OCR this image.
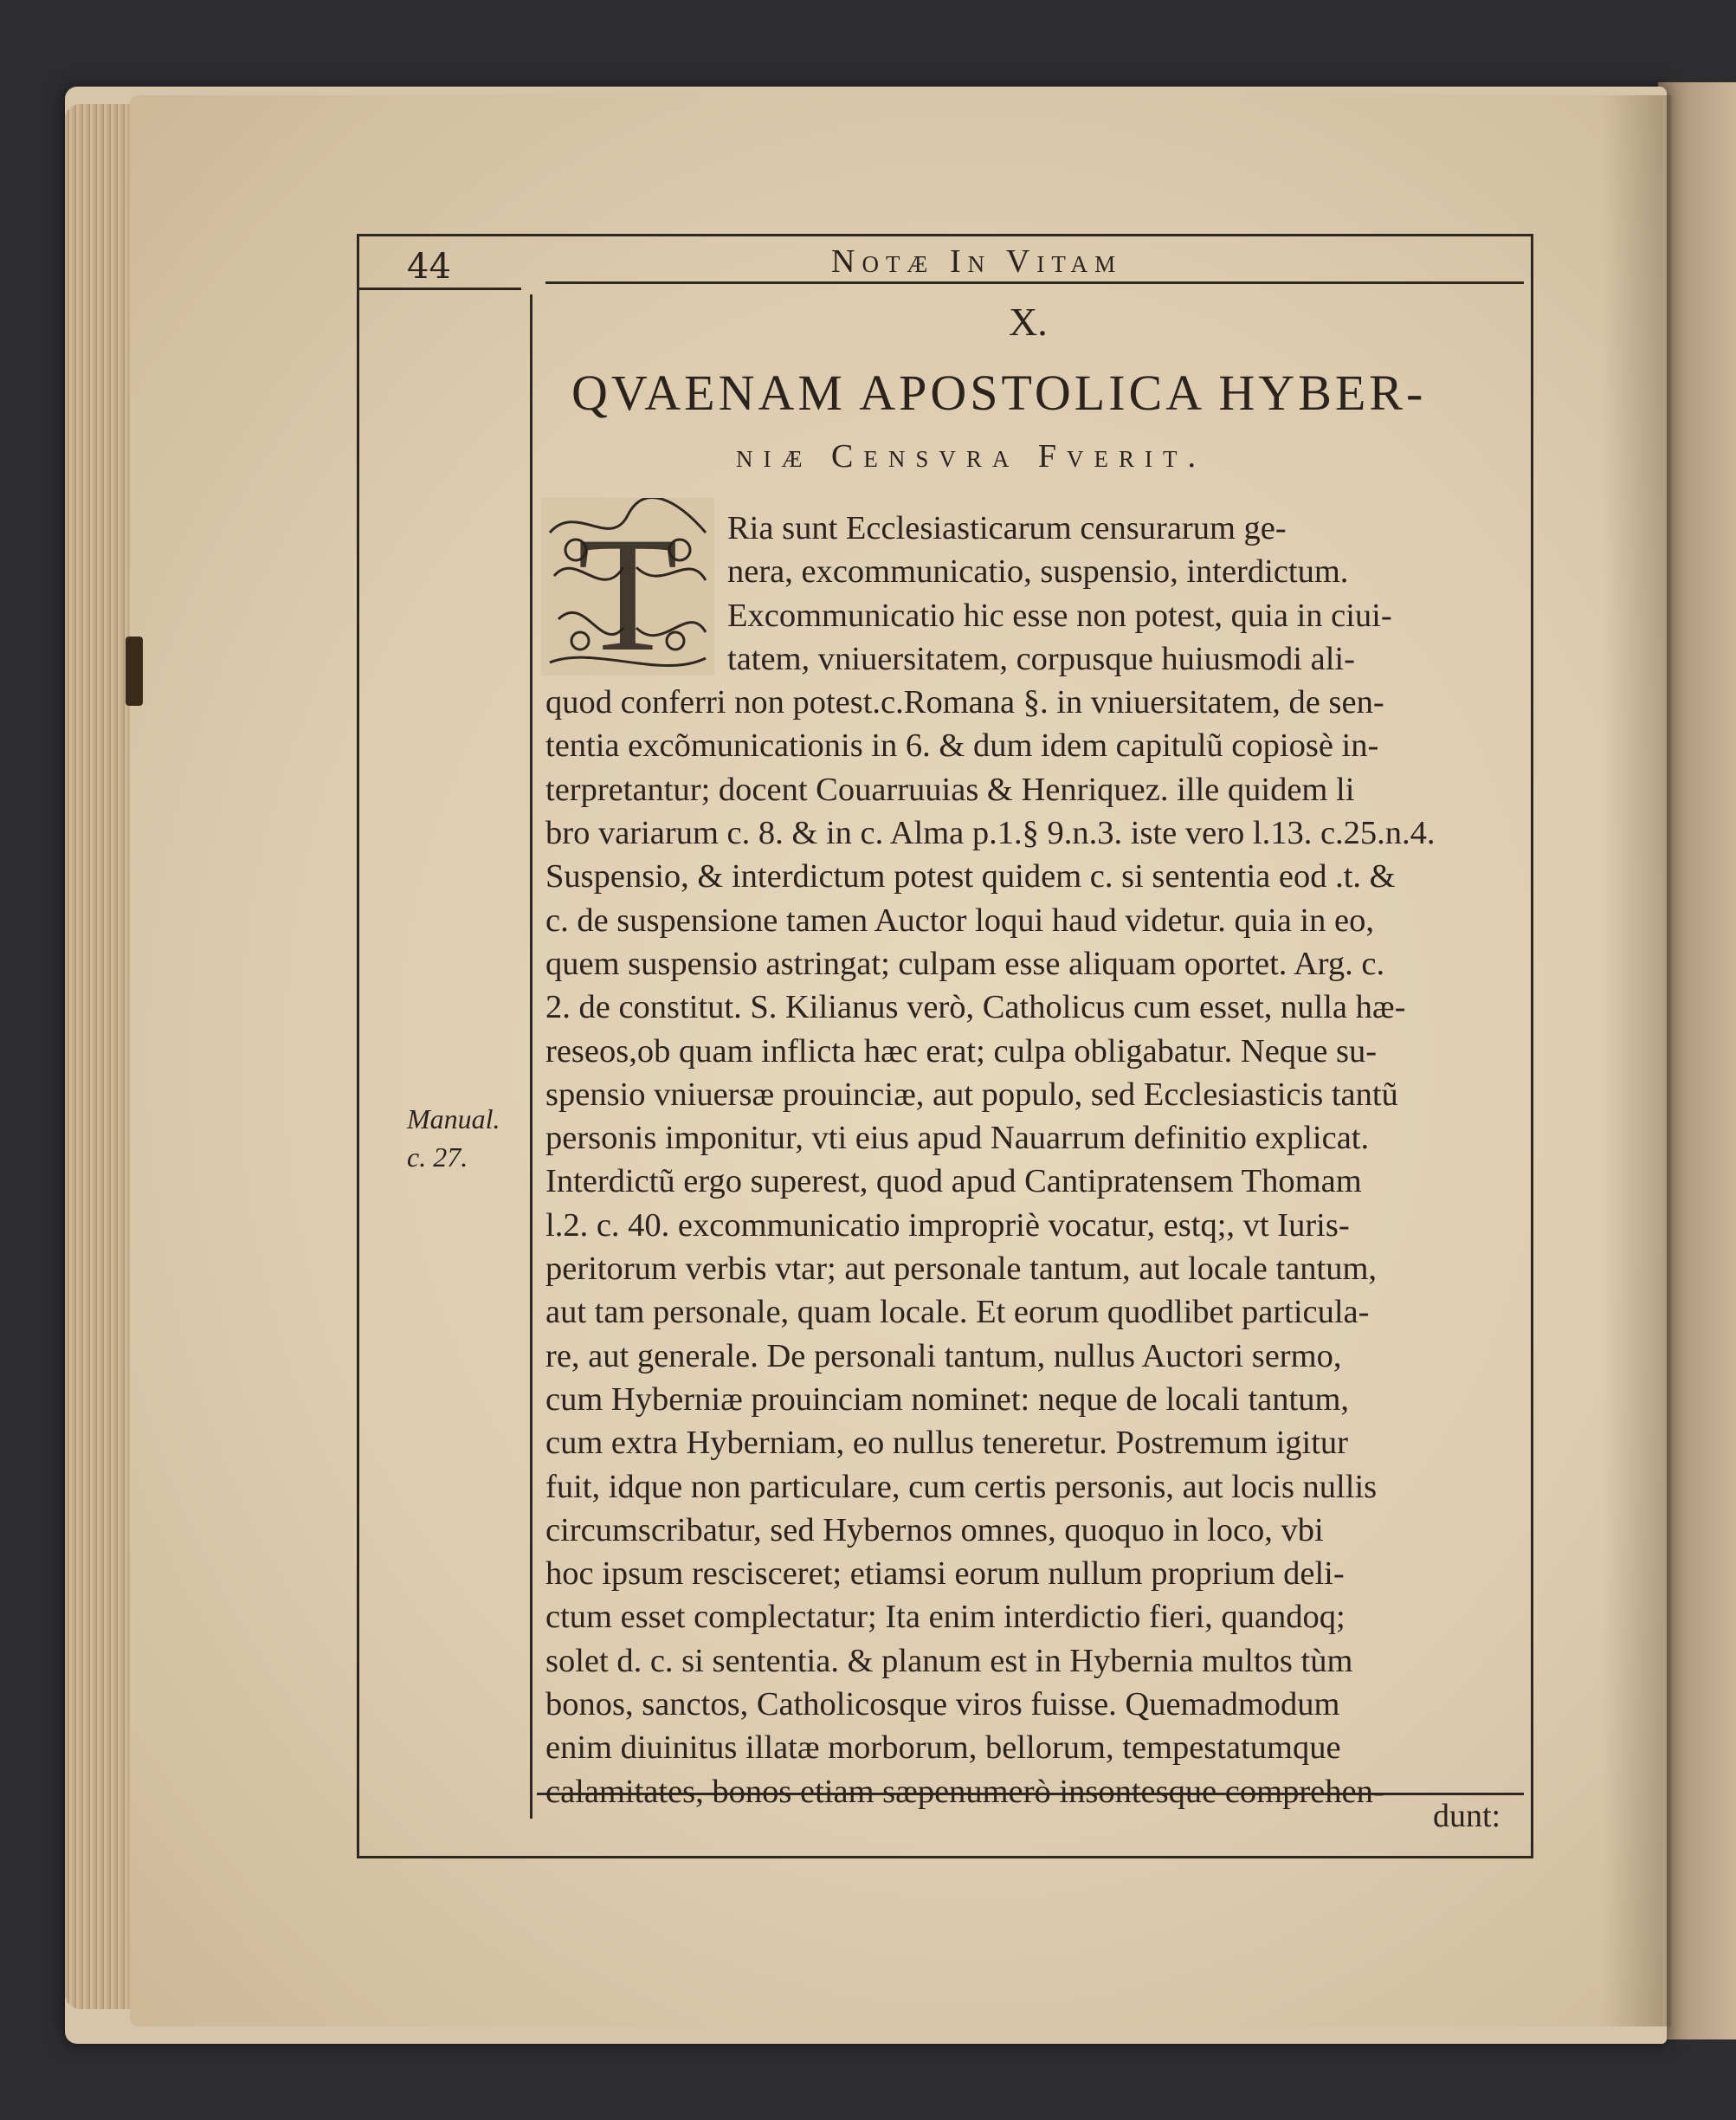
44	Notæ In Vitam
X.
QVAENAM APOSTOLICA HYBER-
niæ Censvra Fverit.
T	Ria sunt Ecclesiasticarum censurarum ge-
nera, excommunicatio, suspensio, interdictum.
Excommunicatio hic esse non potest, quia in ciui-
tatem, vniuersitatem, corpusque huiusmodi ali-
quod conferri non potest.c.Romana §. in vniuersitatem, de sen-
tentia excõmunicationis in 6. & dum idem capitulũ copiosè in-
terpretantur; docent Couarruuias & Henriquez. ille quidem li
bro variarum c. 8. & in c. Alma p.1.§ 9.n.3. iste vero l.13. c.25.n.4.
Suspensio, & interdictum potest quidem c. si sententia eod .t. &
c. de suspensione tamen Auctor loqui haud videtur. quia in eo,
quem suspensio astringat; culpam esse aliquam oportet. Arg. c.
2. de constitut. S. Kilianus verò, Catholicus cum esset, nulla hæ-
reseos,ob quam inflicta hæc erat; culpa obligabatur. Neque su-
spensio vniuersæ prouinciæ, aut populo, sed Ecclesiasticis tantũ
personis imponitur, vti eius apud Nauarrum definitio explicat.
Interdictũ ergo superest, quod apud Cantipratensem Thomam
l.2. c. 40. excommunicatio impropriè vocatur, estq;, vt Iuris-
peritorum verbis vtar; aut personale tantum, aut locale tantum,
aut tam personale, quam locale. Et eorum quodlibet particula-
re, aut generale. De personali tantum, nullus Auctori sermo,
cum Hyberniæ prouinciam nominet: neque de locali tantum,
cum extra Hyberniam, eo nullus teneretur. Postremum igitur
fuit, idque non particulare, cum certis personis, aut locis nullis
circumscribatur, sed Hybernos omnes, quoquo in loco, vbi
hoc ipsum rescisceret; etiamsi eorum nullum proprium deli-
ctum esset complectatur; Ita enim interdictio fieri, quandoq;
solet d. c. si sententia. & planum est in Hybernia multos tùm
bonos, sanctos, Catholicosque viros fuisse. Quemadmodum
enim diuinitus illatæ morborum, bellorum, tempestatumque
calamitates, bonos etiam sæpenumerò insontesque comprehen-
Manual.
c. 27.
dunt:
